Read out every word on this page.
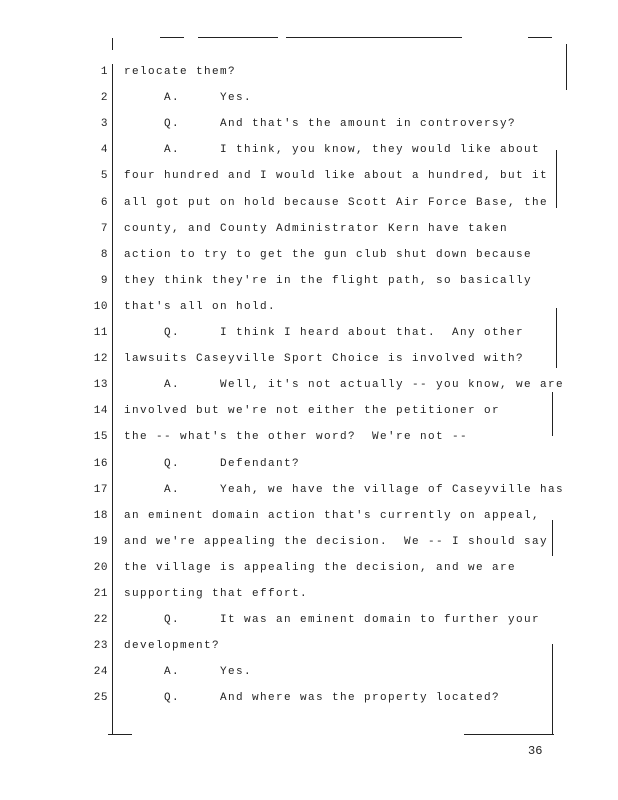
1 relocate them?
2 A.     Yes.
3 Q.     And that's the amount in controversy?
4 A.     I think, you know, they would like about
5 four hundred and I would like about a hundred, but it
6 all got put on hold because Scott Air Force Base, the
7 county, and County Administrator Kern have taken
8 action to try to get the gun club shut down because
9 they think they're in the flight path, so basically
10 that's all on hold.
11 Q.     I think I heard about that.  Any other
12 lawsuits Caseyville Sport Choice is involved with?
13 A.     Well, it's not actually -- you know, we are
14 involved but we're not either the petitioner or
15 the -- what's the other word?  We're not --
16 Q.     Defendant?
17 A.     Yeah, we have the village of Caseyville has
18 an eminent domain action that's currently on appeal,
19 and we're appealing the decision.  We -- I should say
20 the village is appealing the decision, and we are
21 supporting that effort.
22 Q.     It was an eminent domain to further your
23 development?
24 A.     Yes.
25 Q.     And where was the property located?
36
